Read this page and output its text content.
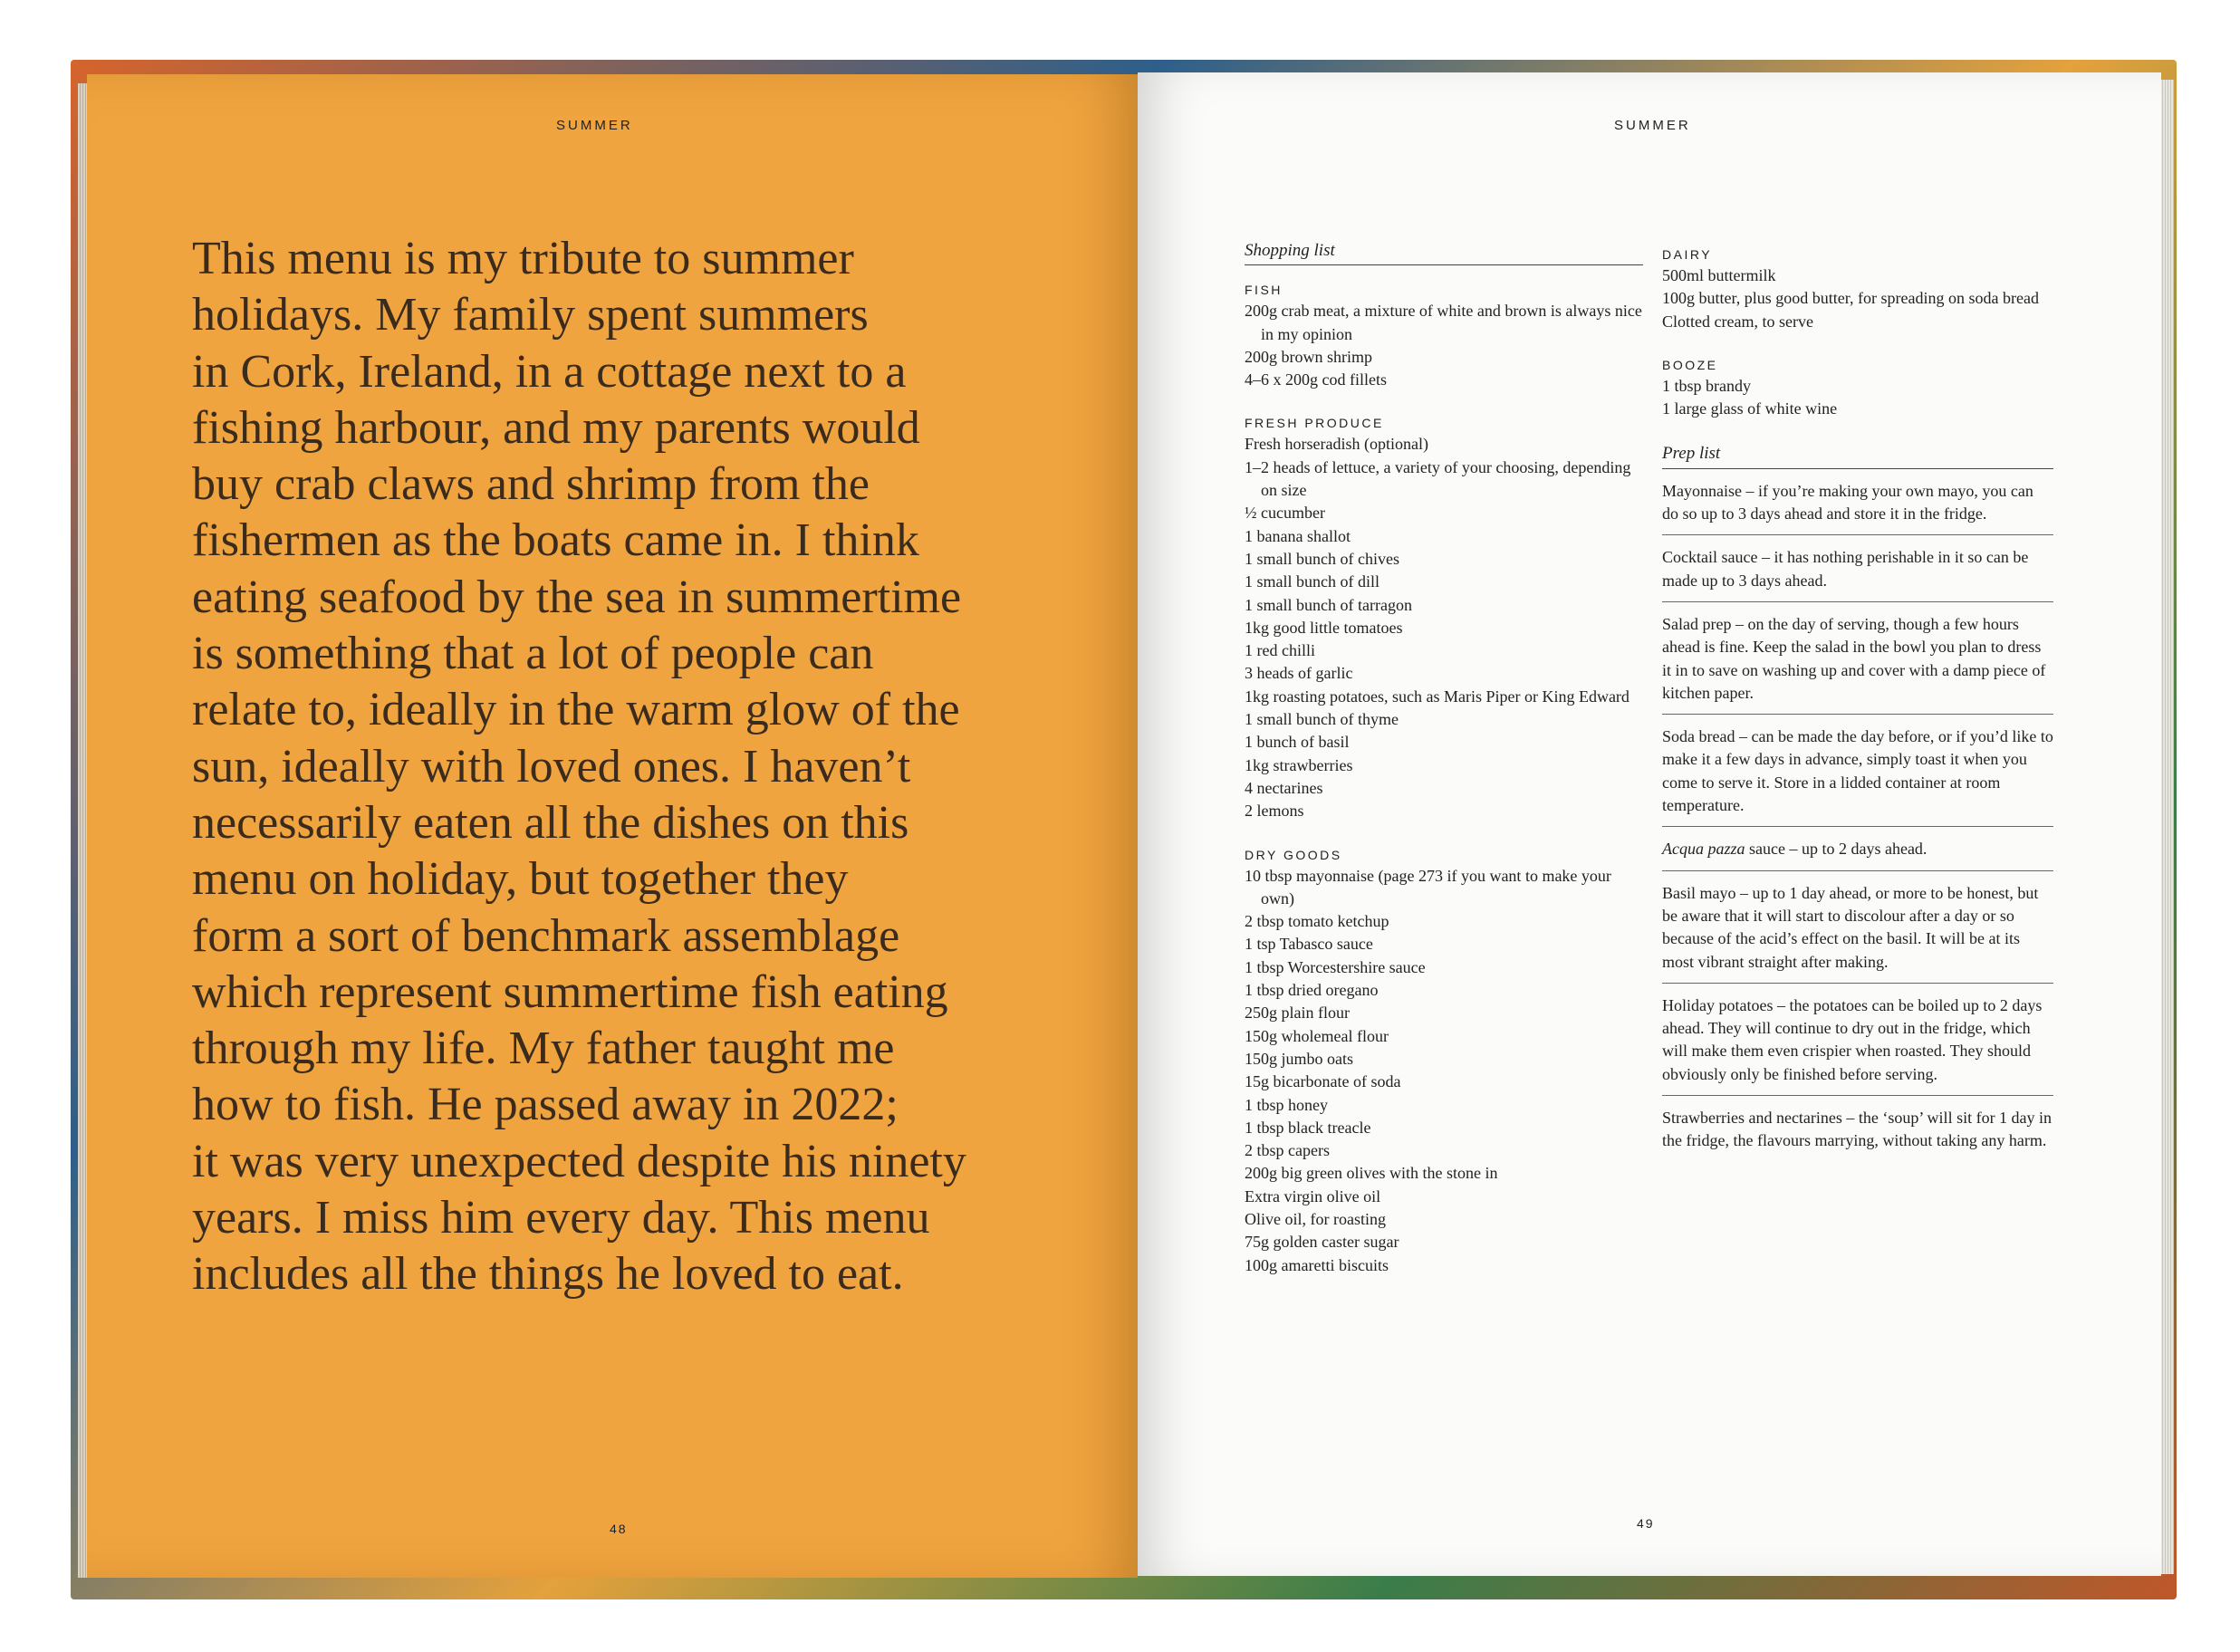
SUMMER

This menu is my tribute to summer
holidays. My family spent summers
in Cork, Ireland, in a cottage next to a
fishing harbour, and my parents would
buy crab claws and shrimp from the
fishermen as the boats came in. I think
eating seafood by the sea in summertime
is something that a lot of people can
relate to, ideally in the warm glow of the
sun, ideally with loved ones. I haven’t
necessarily eaten all the dishes on this
menu on holiday, but together they
form a sort of benchmark assemblage
which represent summertime fish eating
through my life. My father taught me
how to fish. He passed away in 2022;
it was very unexpected despite his ninety
years. I miss him every day. This menu
includes all the things he loved to eat.

48
SUMMER
49
Shopping list
FISH
200g crab meat, a mixture of white and brown is always nice in my opinion
200g brown shrimp
4–6 x 200g cod fillets
FRESH PRODUCE
Fresh horseradish (optional)
1–2 heads of lettuce, a variety of your choosing, depending on size
½ cucumber
1 banana shallot
1 small bunch of chives
1 small bunch of dill
1 small bunch of tarragon
1kg good little tomatoes
1 red chilli
3 heads of garlic
1kg roasting potatoes, such as Maris Piper or King Edward
1 small bunch of thyme
1 bunch of basil
1kg strawberries
4 nectarines
2 lemons
DRY GOODS
10 tbsp mayonnaise (page 273 if you want to make your own)
2 tbsp tomato ketchup
1 tsp Tabasco sauce
1 tbsp Worcestershire sauce
1 tbsp dried oregano
250g plain flour
150g wholemeal flour
150g jumbo oats
15g bicarbonate of soda
1 tbsp honey
1 tbsp black treacle
2 tbsp capers
200g big green olives with the stone in
Extra virgin olive oil
Olive oil, for roasting
75g golden caster sugar
100g amaretti biscuits
DAIRY
500ml buttermilk
100g butter, plus good butter, for spreading on soda bread
Clotted cream, to serve
BOOZE
1 tbsp brandy
1 large glass of white wine
Prep list
Mayonnaise – if you’re making your own mayo, you can do so up to 3 days ahead and store it in the fridge.
Cocktail sauce – it has nothing perishable in it so can be made up to 3 days ahead.
Salad prep – on the day of serving, though a few hours ahead is fine. Keep the salad in the bowl you plan to dress it in to save on washing up and cover with a damp piece of kitchen paper.
Soda bread – can be made the day before, or if you’d like to make it a few days in advance, simply toast it when you come to serve it. Store in a lidded container at room temperature.
Acqua pazza sauce – up to 2 days ahead.
Basil mayo – up to 1 day ahead, or more to be honest, but be aware that it will start to discolour after a day or so because of the acid’s effect on the basil. It will be at its most vibrant straight after making.
Holiday potatoes – the potatoes can be boiled up to 2 days ahead. They will continue to dry out in the fridge, which will make them even crispier when roasted. They should obviously only be finished before serving.
Strawberries and nectarines – the ‘soup’ will sit for 1 day in the fridge, the flavours marrying, without taking any harm.
